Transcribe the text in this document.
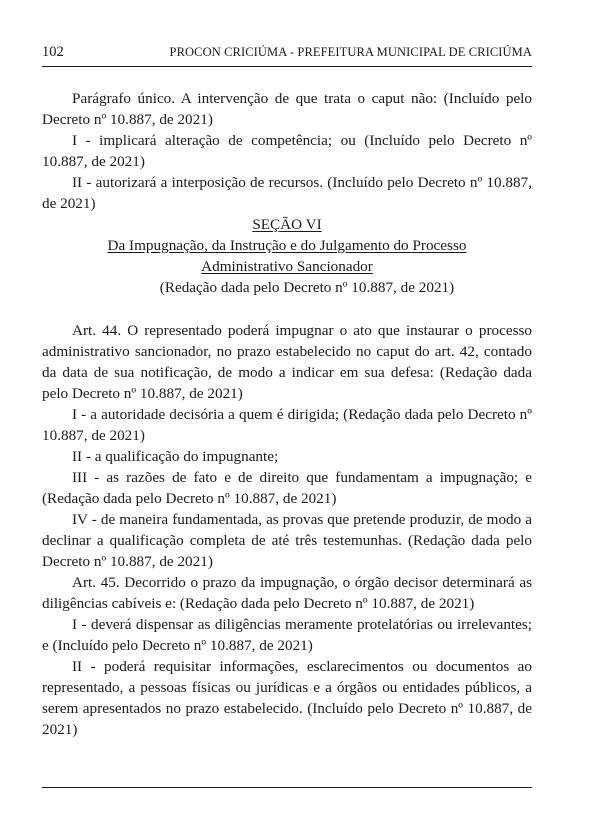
102	PROCON CRICIÚMA - PREFEITURA MUNICIPAL DE CRICIÚMA

Parágrafo único. A intervenção de que trata o caput não: (Incluído pelo Decreto nº 10.887, de 2021)

I - implicará alteração de competência; ou (Incluído pelo Decreto nº 10.887, de 2021)

II - autorizará a interposição de recursos. (Incluído pelo Decreto nº 10.887, de 2021)

SEÇÃO VI

Da Impugnação, da Instrução e do Julgamento do Processo

Administrativo Sancionador

(Redação dada pelo Decreto nº 10.887, de 2021)

Art. 44. O representado poderá impugnar o ato que instaurar o processo administrativo sancionador, no prazo estabelecido no caput do art. 42, contado da data de sua notificação, de modo a indicar em sua defesa: (Redação dada pelo Decreto nº 10.887, de 2021)

I - a autoridade decisória a quem é dirigida; (Redação dada pelo Decreto nº 10.887, de 2021)

II - a qualificação do impugnante;

III - as razões de fato e de direito que fundamentam a impugnação; e (Redação dada pelo Decreto nº 10.887, de 2021)

IV - de maneira fundamentada, as provas que pretende produzir, de modo a declinar a qualificação completa de até três testemunhas. (Redação dada pelo Decreto nº 10.887, de 2021)

Art. 45. Decorrido o prazo da impugnação, o órgão decisor determinará as diligências cabíveis e: (Redação dada pelo Decreto nº 10.887, de 2021)

I - deverá dispensar as diligências meramente protelatórias ou irrelevantes; e (Incluído pelo Decreto nº 10.887, de 2021)

II - poderá requisitar informações, esclarecimentos ou documentos ao representado, a pessoas físicas ou jurídicas e a órgãos ou entidades públicos, a serem apresentados no prazo estabelecido. (Incluído pelo Decreto nº 10.887, de 2021)
